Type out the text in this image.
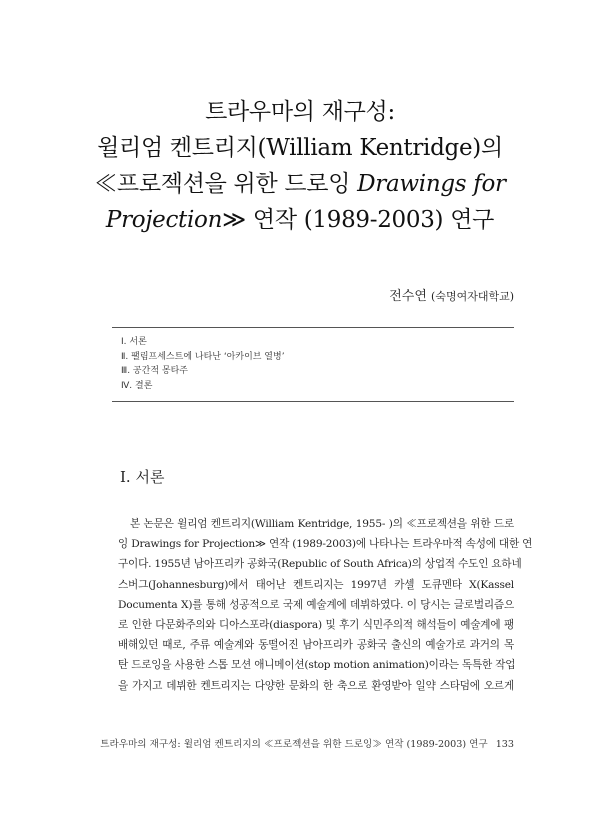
트라우마의 재구성:
윌리엄 켄트리지(William Kentridge)의
≪프로젝션을 위한 드로잉 Drawings for
Projection≫ 연작 (1989-2003) 연구
전수연 (숙명여자대학교)
Ⅰ. 서론
Ⅱ. 팰림프세스트에 나타난 ‘아카이브 열병’
Ⅲ. 공간적 몽타주
Ⅳ. 결론
Ⅰ. 서론
본 논문은 윌리엄 켄트리지(William Kentridge, 1955- )의 ≪프로젝션을 위한 드로
잉 Drawings for Projection≫ 연작 (1989-2003)에 나타나는 트라우마적 속성에 대한 연
구이다. 1955년 남아프리카 공화국(Republic of South Africa)의 상업적 수도인 요하네
스버그(Johannesburg)에서 태어난 켄트리지는 1997년 카셀 도큐멘타 X(Kassel
Documenta X)를 통해 성공적으로 국제 예술계에 데뷔하였다. 이 당시는 글로벌리즘으
로 인한 다문화주의와 디아스포라(diaspora) 및 후기 식민주의적 해석들이 예술계에 팽
배해있던 때로, 주류 예술계와 동떨어진 남아프리카 공화국 출신의 예술가로 과거의 목
탄 드로잉을 사용한 스톱 모션 애니메이션(stop motion animation)이라는 독특한 작업
을 가지고 데뷔한 켄트리지는 다양한 문화의 한 축으로 환영받아 일약 스타덤에 오르게
트라우마의 재구성: 윌리엄 켄트리지의 ≪프로젝션을 위한 드로잉≫ 연작 (1989-2003) 연구 133
